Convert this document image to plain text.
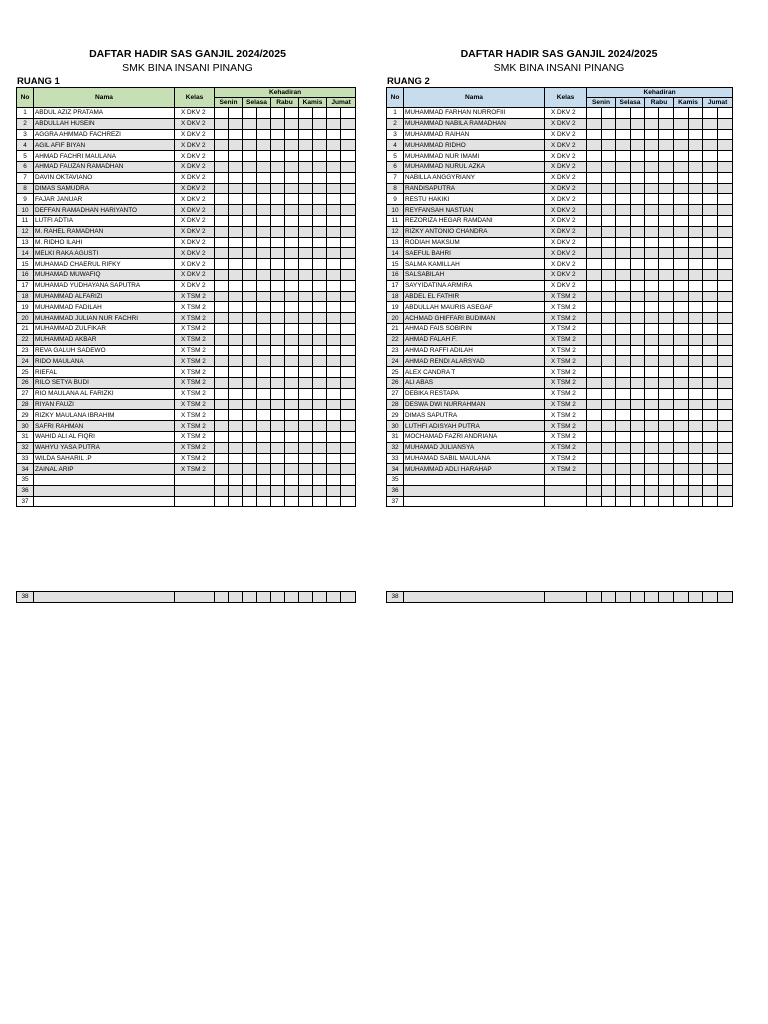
DAFTAR HADIR SAS GANJIL 2024/2025
SMK BINA INSANI PINANG
RUANG 1
No	Nama	Kelas	Kehadiran									
			Senin		Selasa		Rabu		Kamis		Jumat	
1	ABDUL AZIZ PRATAMA	X DKV 2										
2	ABDULLAH HUSEIN	X DKV 2										
3	AGGRA AHMMAD FACHREZI	X DKV 2										
4	AGIL AFIF BIYAN	X DKV 2										
5	AHMAD FACHRI MAULANA	X DKV 2										
6	AHMAD FAUZAN RAMADHAN	X DKV 2										
7	DAVIN OKTAVIANO	X DKV 2										
8	DIMAS SAMUDRA	X DKV 2										
9	FAJAR JANUAR	X DKV 2										
10	DEFFAN RAMADHAN HARIYANTO	X DKV 2										
11	LUTFI ADTIA	X DKV 2										
12	M. RAHEL RAMADHAN	X DKV 2										
13	M. RIDHO ILAHI	X DKV 2										
14	MELKI RAKA AGUSTI	X DKV 2										
15	MUHAMAD CHAERUL RIFKY	X DKV 2										
16	MUHAMAD MUWAFIQ	X DKV 2										
17	MUHAMAD YUDHAYANA SAPUTRA	X DKV 2										
18	MUHAMMAD ALFARIZI	X TSM 2										
19	MUHAMMAD FADILAH	X TSM 2										
20	MUHAMMAD JULIAN NUR FACHRI	X TSM 2										
21	MUHAMMAD ZULFIKAR	X TSM 2										
22	MUHAMMAD AKBAR	X TSM 2										
23	REVA GALUH SADEWO	X TSM 2										
24	RIDO MAULANA	X TSM 2										
25	RIEFAL	X TSM 2										
26	RILO SETYA BUDI	X TSM 2										
27	RIO MAULANA AL FARIZKI	X TSM 2										
28	RIYAN FAUZI	X TSM 2										
29	RIZKY MAULANA IBRAHIM	X TSM 2										
30	SAFRI RAHMAN	X TSM 2										
31	WAHID ALI AL FIQRI	X TSM 2										
32	WAHYU YASA PUTRA	X TSM 2										
33	WILDA SAHARIL .P	X TSM 2										
34	ZAINAL ARIP	X TSM 2										
35												
36												
37												
38												
DAFTAR HADIR SAS GANJIL 2024/2025
SMK BINA INSANI PINANG
RUANG 2
No	Nama	Kelas	Kehadiran									
			Senin		Selasa		Rabu		Kamis		Jumat	
1	MUHAMMAD FARHAN NURROFIII	X DKV 2										
2	MUHAMMAD NABILA RAMADHAN	X DKV 2										
3	MUHAMMAD RAIHAN	X DKV 2										
4	MUHAMMAD RIDHO	X DKV 2										
5	MUHAMMAD NUR IMAMI	X DKV 2										
6	MUHAMMAD NURUL AZKA	X DKV 2										
7	NABILLA ANGGYRIANY	X DKV 2										
8	RANDISAPUTRA	X DKV 2										
9	RESTU HAKIKI	X DKV 2										
10	REYFANSAH NASTIAN	X DKV 2										
11	REZORIZA HEGAR RAMDANI	X DKV 2										
12	RIZKY ANTONIO CHANDRA	X DKV 2										
13	RODIAH MAKSUM	X DKV 2										
14	SAEFUL BAHRI	X DKV 2										
15	SALMA KAMILLAH	X DKV 2										
16	SALSABILAH	X DKV 2										
17	SAYYIDATINA ARMIRA	X DKV 2										
18	ABDEL EL FATHIR	X TSM 2										
19	ABDULLAH MAURIS ASEGAF	X TSM 2										
20	ACHMAD GHIFFARI BUDIMAN	X TSM 2										
21	AHMAD FAIS SOBIRIN	X TSM 2										
22	AHMAD FALAH F.	X TSM 2										
23	AHMAD RAFFI ADILAH	X TSM 2										
24	AHMAD RENDI ALARSYAD	X TSM 2										
25	ALEX CANDRA T	X TSM 2										
26	ALI ABAS	X TSM 2										
27	DEBIKA RESTAPA	X TSM 2										
28	DESWA DWI NURRAHMAN	X TSM 2										
29	DIMAS SAPUTRA	X TSM 2										
30	LUTHFI ADISYAH PUTRA	X TSM 2										
31	MOCHAMAD FAZRI ANDRIANA	X TSM 2										
32	MUHAMAD JULIANSYA	X TSM 2										
33	MUHAMAD SABIL MAULANA	X TSM 2										
34	MUHAMMAD ADLI HARAHAP	X TSM 2										
35												
36												
37												
38												
